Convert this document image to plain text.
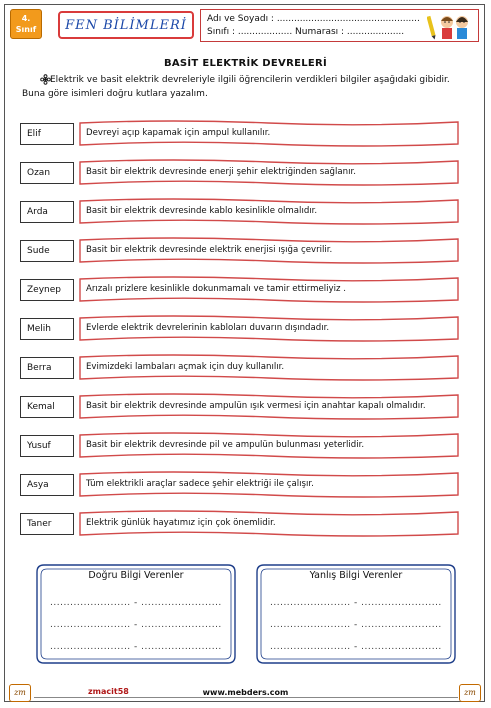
4.
Sınıf	FEN BİLİMLERİ Adı ve Soyadı : ..................................................
Sınıfı : ................... Numarası : ....................
BASİT ELEKTRİK DEVRELERİ
Elektrik ve basit elektrik devreleriyle ilgili öğrencilerin verdikleri bilgiler aşağıdaki gibidir. Buna göre isimleri doğru kutlara yazalım.
Elif	Devreyi açıp kapamak için ampul kullanılır.
Ozan	Basit bir elektrik devresinde enerji şehir elektriğinden sağlanır.
Arda	Basit bir elektrik devresinde kablo kesinlikle olmalıdır.
Sude	Basit bir elektrik devresinde elektrik enerjisi ışığa çevrilir.
Zeynep	Arızalı prizlere kesinlikle dokunmamalı ve tamir ettirmeliyiz .
Melih	Evlerde elektrik devrelerinin kabloları duvarın dışındadır.
Berra	Evimizdeki lambaları açmak için duy kullanılır.
Kemal	Basit bir elektrik devresinde ampulün ışık vermesi için anahtar kapalı olmalıdır.
Yusuf	Basit bir elektrik devresinde pil ve ampulün bulunması yeterlidir.
Asya	Tüm elektrikli araçlar sadece şehir elektriği ile çalışır.
Taner	Elektrik günlük hayatımız için çok önemlidir.
Doğru Bilgi Verenler
........................ - ........................
........................ - ........................
........................ - ........................
Yanlış Bilgi Verenler
........................ - ........................
........................ - ........................
........................ - ........................
zm	zm
zmacit58	www.mebders.com
